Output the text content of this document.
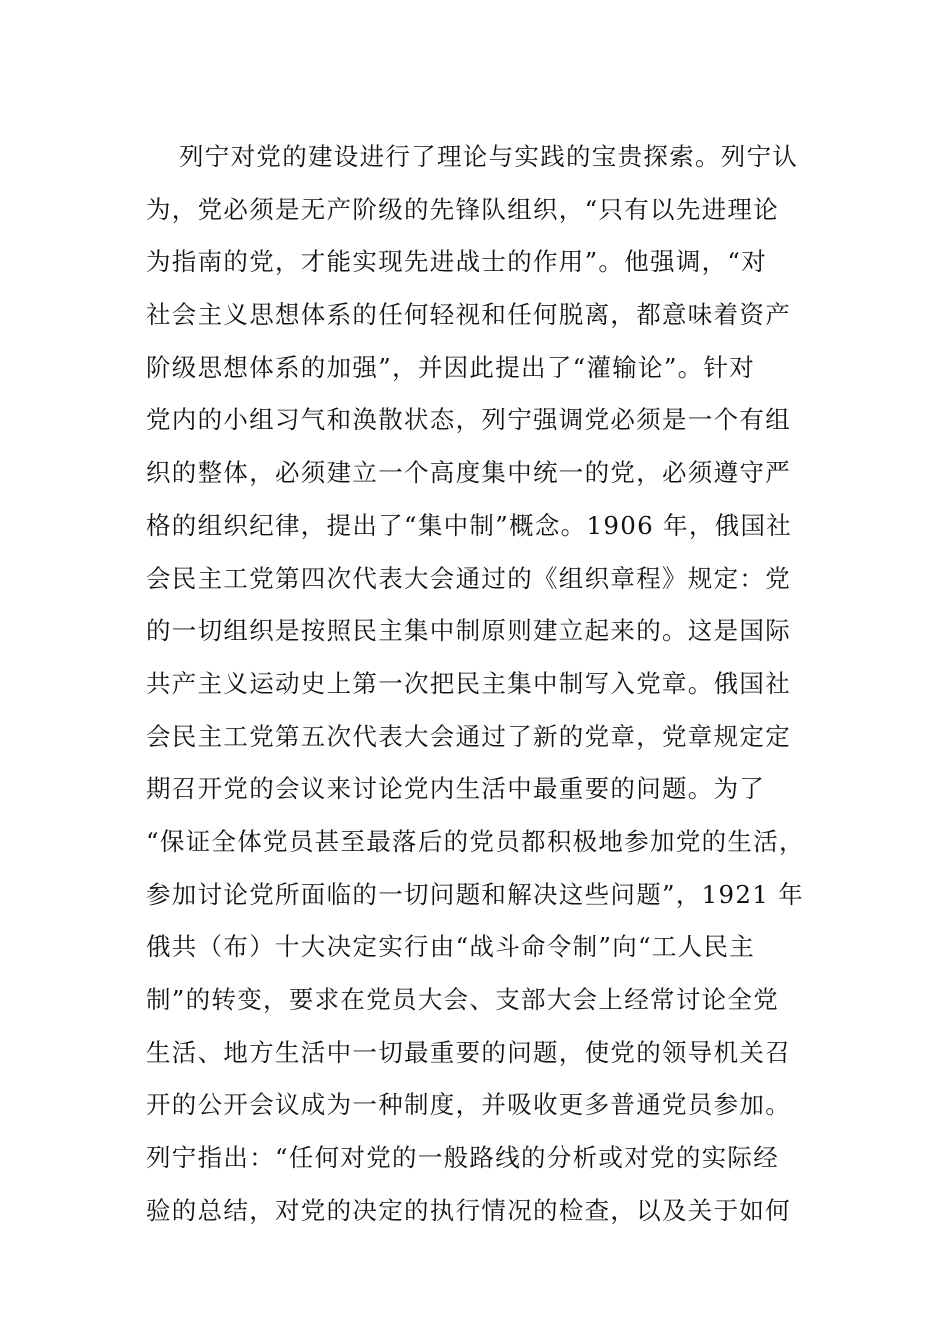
列宁对党的建设进行了理论与实践的宝贵探索。列宁认
为，党必须是无产阶级的先锋队组织，“只有以先进理论
为指南的党，才能实现先进战士的作用”。他强调，“对
社会主义思想体系的任何轻视和任何脱离，都意味着资产
阶级思想体系的加强”，并因此提出了“灌输论”。针对
党内的小组习气和涣散状态，列宁强调党必须是一个有组
织的整体，必须建立一个高度集中统一的党，必须遵守严
格的组织纪律，提出了“集中制”概念。1906 年，俄国社
会民主工党第四次代表大会通过的《组织章程》规定：党
的一切组织是按照民主集中制原则建立起来的。这是国际
共产主义运动史上第一次把民主集中制写入党章。俄国社
会民主工党第五次代表大会通过了新的党章，党章规定定
期召开党的会议来讨论党内生活中最重要的问题。为了
“保证全体党员甚至最落后的党员都积极地参加党的生活，
参加讨论党所面临的一切问题和解决这些问题”，1921 年
俄共（布）十大决定实行由“战斗命令制”向“工人民主
制”的转变，要求在党员大会、支部大会上经常讨论全党
生活、地方生活中一切最重要的问题，使党的领导机关召
开的公开会议成为一种制度，并吸收更多普通党员参加。
列宁指出：“任何对党的一般路线的分析或对党的实际经
验的总结，对党的决定的执行情况的检查，以及关于如何
